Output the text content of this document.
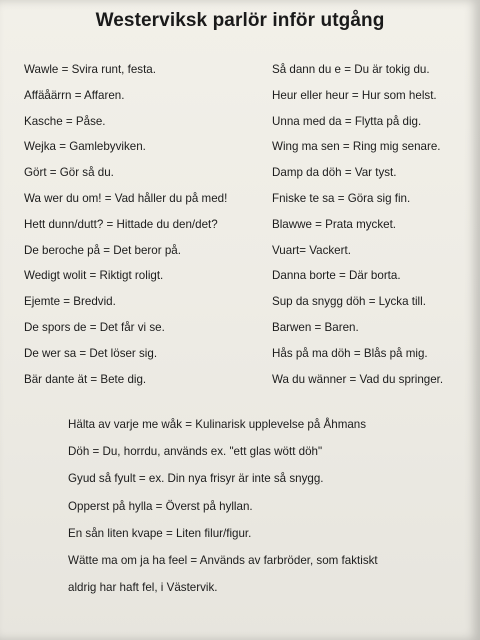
Westerviksk parlör inför utgång
Wawle = Svira runt, festa.
Affäåärrn = Affaren.
Kasche = Påse.
Wejka = Gamlebyviken.
Gört = Gör så du.
Wa wer du om! = Vad håller du på med!
Hett dunn/dutt? = Hittade du den/det?
De beroche på = Det beror på.
Wedigt wolit = Riktigt roligt.
Ejemte = Bredvid.
De spors de = Det får vi se.
De wer sa = Det löser sig.
Bär dante ät = Bete dig.
Så dann du e = Du är tokig du.
Heur eller heur = Hur som helst.
Unna med da = Flytta på dig.
Wing ma sen = Ring mig senare.
Damp da döh = Var tyst.
Fniske te sa = Göra sig fin.
Blawwe = Prata mycket.
Vuart= Vackert.
Danna borte = Där borta.
Sup da snygg döh = Lycka till.
Barwen = Baren.
Hås på ma döh = Blås på mig.
Wa du wänner = Vad du springer.
Hälta av varje me wåk = Kulinarisk upplevelse på Åhmans
Döh = Du, horrdu, används ex. "ett glas wött döh"
Gyud så fyult = ex. Din nya frisyr är inte så snygg.
Opperst på hylla = Överst på hyllan.
En sån liten kvape = Liten filur/figur.
Wätte ma om ja ha feel = Används av farbröder, som faktiskt
aldrig har haft fel, i Västervik.
